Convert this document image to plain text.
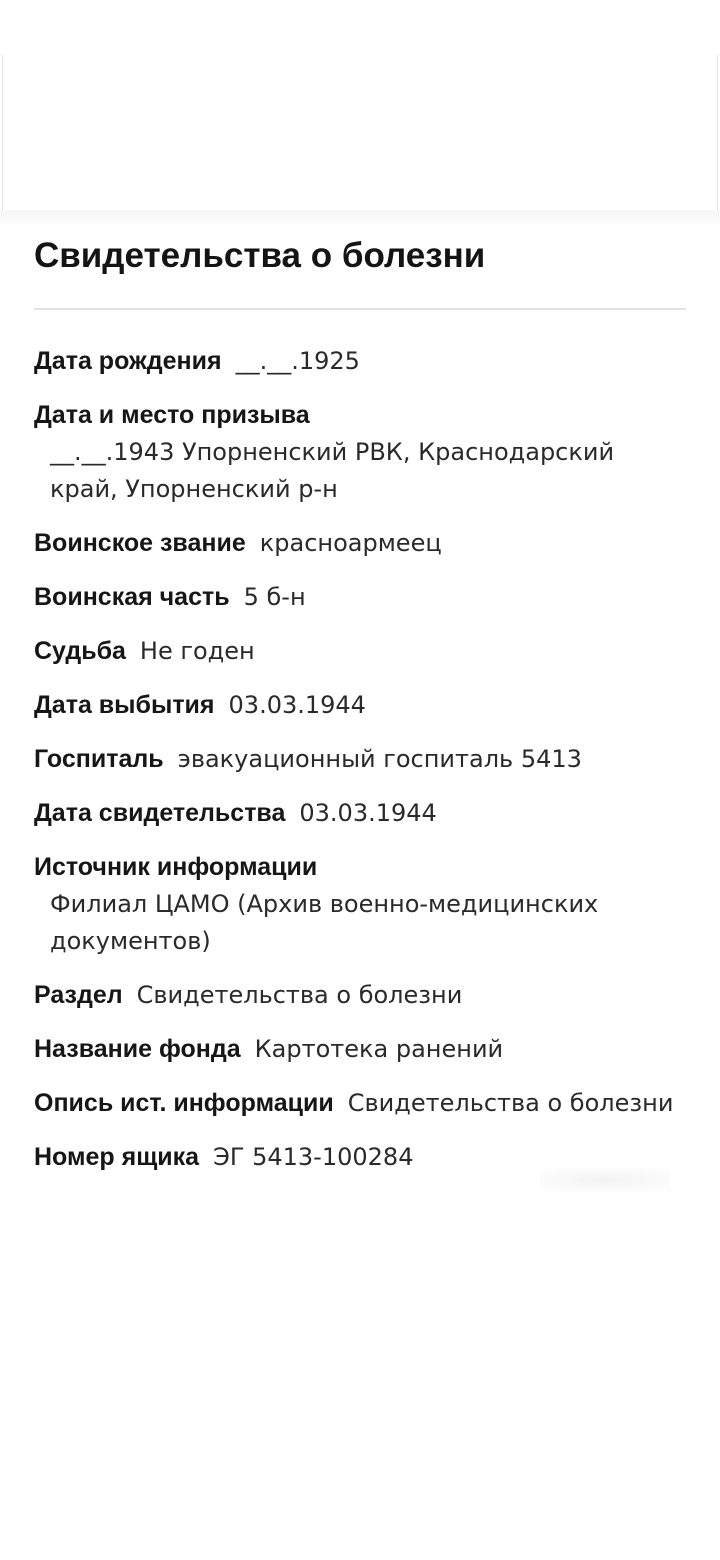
Свидетельства о болезни

Дата рождения __.__.1925

Дата и место призыва
__.__.1943 Упорненский РВК, Краснодарский край, Упорненский р-н

Воинское звание красноармеец

Воинская часть 5 б-н

Судьба Не годен

Дата выбытия 03.03.1944

Госпиталь эвакуационный госпиталь 5413

Дата свидетельства 03.03.1944

Источник информации
Филиал ЦАМО (Архив военно-медицинских документов)

Раздел Свидетельства о болезни

Название фонда Картотека ранений

Опись ист. информации Свидетельства о болезни

Номер ящика ЭГ 5413-100284
